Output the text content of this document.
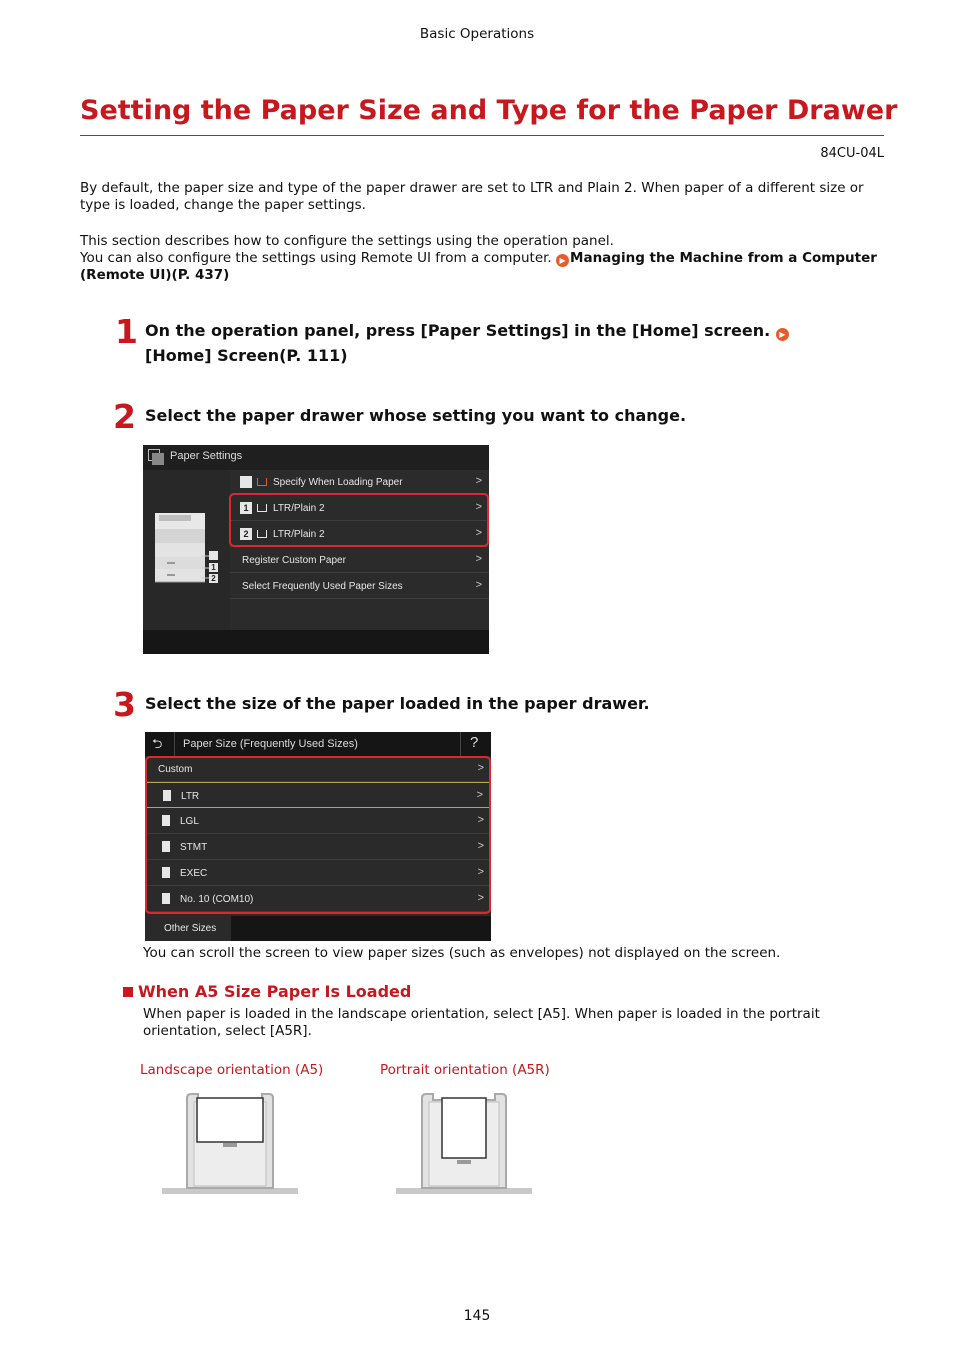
Basic Operations
Setting the Paper Size and Type for the Paper Drawer
84CU-04L
By default, the paper size and type of the paper drawer are set to LTR and Plain 2. When paper of a different size or type is loaded, change the paper settings.
This section describes how to configure the settings using the operation panel.
You can also configure the settings using Remote UI from a computer. ▶ Managing the Machine from a Computer (Remote UI)(P. 437)
1 On the operation panel, press [Paper Settings] in the [Home] screen. ▶[Home] Screen(P. 111)
2 Select the paper drawer whose setting you want to change.
Paper Settings
1
2
Specify When Loading Paper	>
1	LTR/Plain 2	>
2	LTR/Plain 2	>
Register Custom Paper	>
Select Frequently Used Paper Sizes	>
3 Select the size of the paper loaded in the paper drawer.
⮌ Paper Size (Frequently Used Sizes)	?
Custom	>
LTR	>
LGL	>
STMT	>
EXEC	>
No. 10 (COM10)	>
Other Sizes
You can scroll the screen to view paper sizes (such as envelopes) not displayed on the screen.
When A5 Size Paper Is Loaded
When paper is loaded in the landscape orientation, select [A5]. When paper is loaded in the portrait orientation, select [A5R].
Landscape orientation (A5)	Portrait orientation (A5R)
145
